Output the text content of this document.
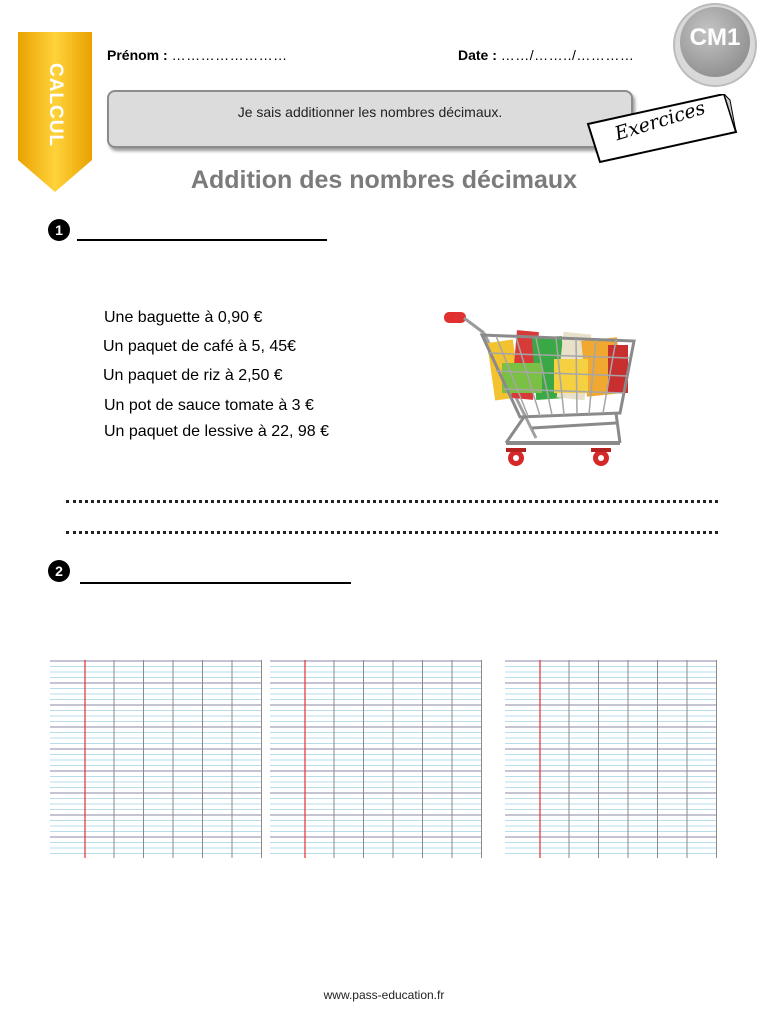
CALCUL
Prénom : ……………………	Date : ……/……../…………
Je sais additionner les nombres décimaux.
CM1
Exercices
Addition des nombres décimaux
1
Une baguette à 0,90 €
Un paquet de café à 5, 45€
Un paquet de riz à 2,50 €
Un pot de sauce tomate à 3 €
Un paquet de lessive à 22, 98 €
2
www.pass-education.fr
